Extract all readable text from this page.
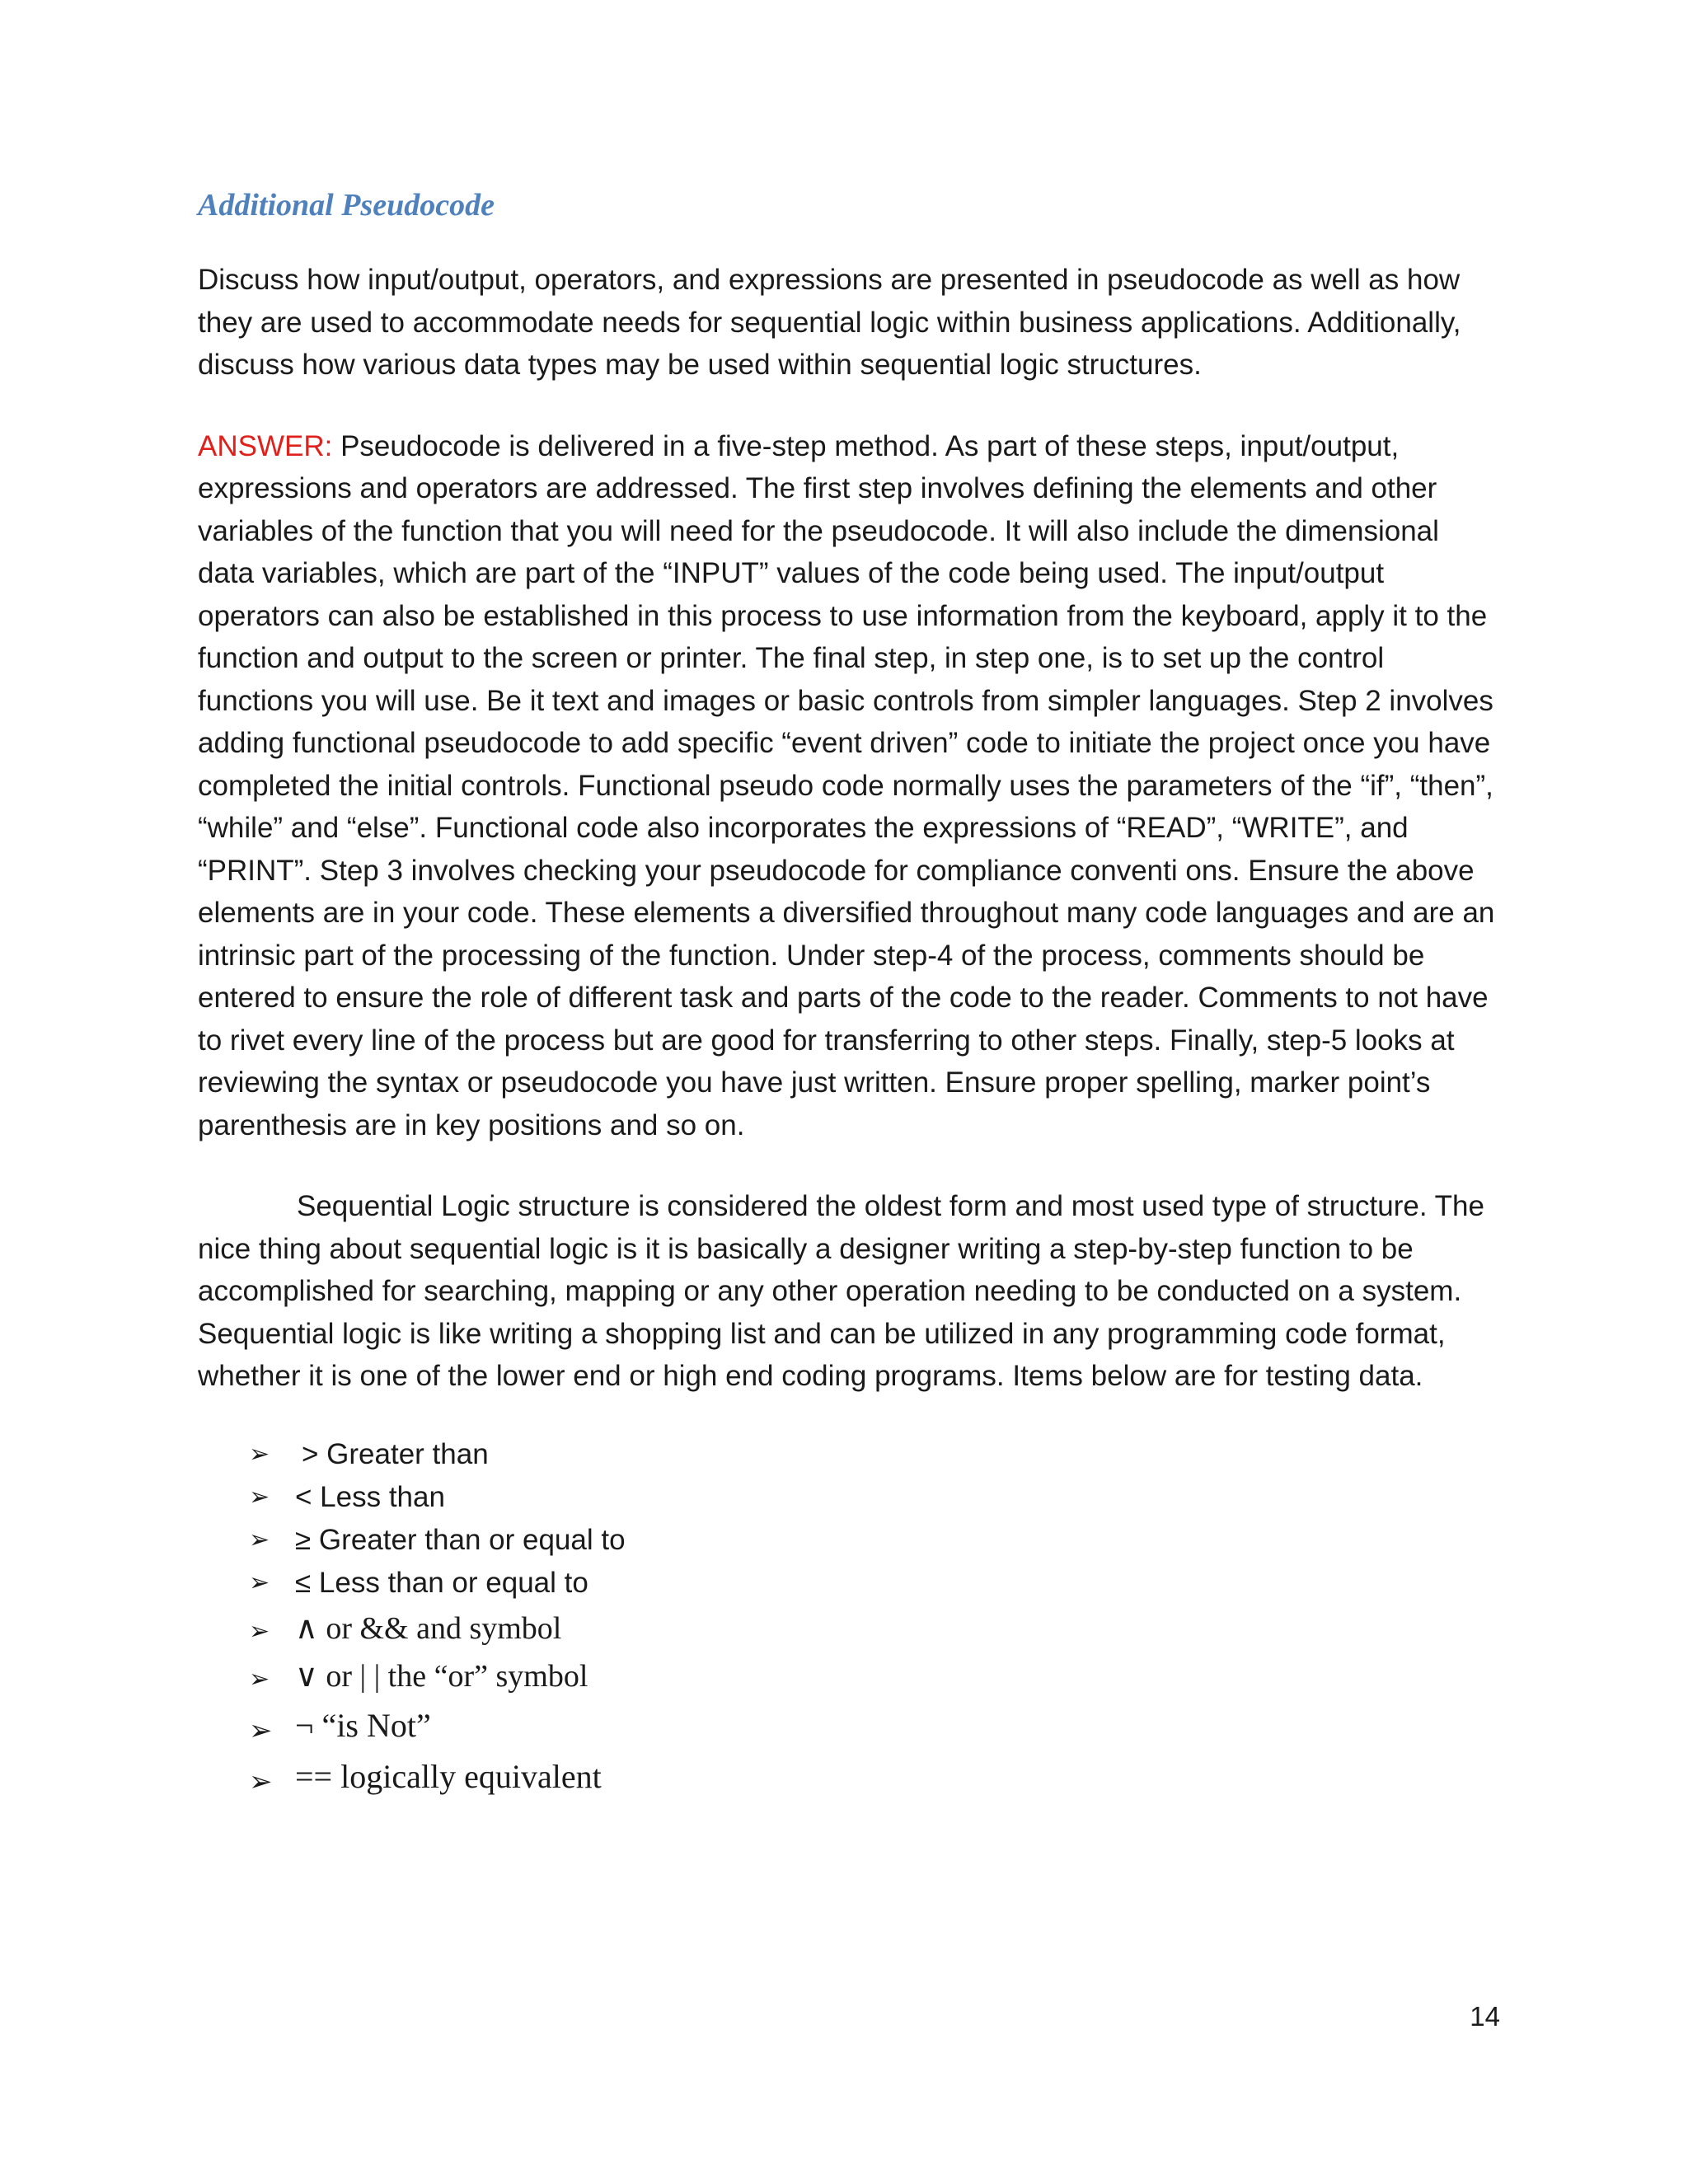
Additional Pseudocode

Discuss how input/output, operators, and expressions are presented in pseudocode as well as how they are used to accommodate needs for sequential logic within business applications. Additionally, discuss how various data types may be used within sequential logic structures.

ANSWER: Pseudocode is delivered in a five-step method. As part of these steps, input/output, expressions and operators are addressed. The first step involves defining the elements and other variables of the function that you will need for the pseudocode. It will also include the dimensional data variables, which are part of the “INPUT” values of the code being used. The input/output operators can also be established in this process to use information from the keyboard, apply it to the function and output to the screen or printer. The final step, in step one, is to set up the control functions you will use. Be it text and images or basic controls from simpler languages. Step 2 involves adding functional pseudocode to add specific “event driven” code to initiate the project once you have completed the initial controls. Functional pseudo code normally uses the parameters of the “if”, “then”, “while” and “else”. Functional code also incorporates the expressions of “READ”, “WRITE”, and “PRINT”. Step 3 involves checking your pseudocode for compliance conventi ons. Ensure the above elements are in your code. These elements a diversified throughout many code languages and are an intrinsic part of the processing of the function. Under step-4 of the process, comments should be entered to ensure the role of different task and parts of the code to the reader. Comments to not have to rivet every line of the process but are good for transferring to other steps. Finally, step-5 looks at reviewing the syntax or pseudocode you have just written. Ensure proper spelling, marker point’s parenthesis are in key positions and so on.

Sequential Logic structure is considered the oldest form and most used type of structure. The nice thing about sequential logic is it is basically a designer writing a step-by-step function to be accomplished for searching, mapping or any other operation needing to be conducted on a system. Sequential logic is like writing a shopping list and can be utilized in any programming code format, whether it is one of the lower end or high end coding programs. Items below are for testing data.

➢ > Greater than
➢ < Less than
➢ ≥ Greater than or equal to
➢ ≤ Less than or equal to
➢ ∧ or && and symbol
➢ ∨ or | | the “or” symbol
➢ ¬ “is Not”
➢ == logically equivalent
14
